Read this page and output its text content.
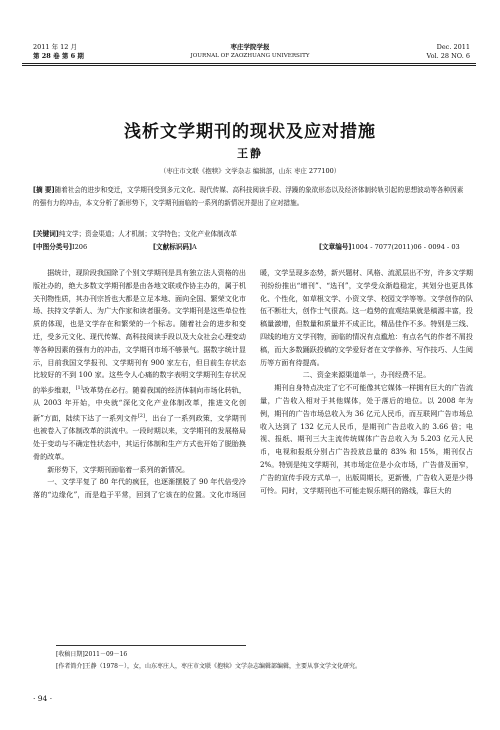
2011 年 12 月
第 28 卷 第 6 期
枣庄学院学报
JOURNAL OF ZAOZHUANG UNIVERSITY
Dec. 2011
Vol. 28 NO. 6
浅析文学期刊的现状及应对措施
王静
（枣庄市文联《抱犊》文学杂志 编辑部，山东 枣庄 277100）
[摘 要]随着社会的进步和变迁，文学期刊受到多元文化、现代传媒、高科技阅读手段、浮躁的象欲形态以及经济体制转轨引起的思想波动等各种因素的强有力的冲击，本文分析了新形势下，文学期刊面临的一系列的新情况并提出了应对措施。
[关键词]纯文学；资金渠道；人才机制；文学特色；文化产业体制改革
[中图分类号]I206	[文献标识码]A	[文章编号]1004 - 7077(2011)06 - 0094 - 03

据统计，现阶段我国除了个别文学期刊是具有独立法人资格的出版社办的，绝大多数文学期刊都是由各地文联或作协主办的，属于机关刊物性质，其办刊宗旨也大都是立足本地、面向全国、繁荣文化市场、扶持文学新人、为广大作家和读者服务。文学期刊是这些单位性质的体现，也是文学存在和繁荣的一个标志。随着社会的进步和变迁，受多元文化、现代传媒、高科技阅读手段以及大众社会心理变动等各种因素的强有力的冲击，文学期刊市场不够景气。据数字统计显示，目前我国文学报刊、文学期刊有 900 家左右，但目前生存状态比较好的不到 100 家。这些令人心痛的数字表明文学期刊生存状况的举步维艰，[1]改革势在必行。随着我国的经济体制向市场化转轨，从 2003 年开始，中央就“深化文化产业体制改革，推进文化创新”方面，陆续下达了一系列文件[2]，出台了一系列政策，文学期刊也被卷入了体制改革的洪流中。一段时期以来，文学期刊的发展格局处于变动与不确定性状态中，其运行体制和生产方式也开始了脱胎换骨的改革。

新形势下，文学期刊面临着一系列的新情况。

一、文学平复了 80 年代的疯狂，也逐渐摆脱了 90 年代倍受冷落的“边缘化”，而是趋于平常，回到了它该在的位置。文化市场回暖，文学呈现多态势，新兴题材、风格、流派层出不穷，许多文学期刊纷纷推出“增刊”、“选刊”，文学受众渐趋稳定，其划分也更具体化、个性化，如草根文学、小资文学、校园文学等等。文学创作的队伍不断壮大，创作士气很高。这一趋势的直观结果就是稿源丰富，投稿量激增，但数量和质量并不成正比，精品佳作不多。特别是三线、四线的地方文学刊物，面临的情况有点尴尬：有点名气的作者不屑投稿，而大多数踊跃投稿的文学爱好者在文学修养、写作技巧、人生阅历等方面有待提高。

二、资金来源渠道单一，办刊经费不足。

期刊自身特点决定了它不可能像其它媒体一样拥有巨大的广告流量，广告收入相对于其他媒体，处于落后的地位。以 2008 年为例，期刊的广告市场总收入为 36 亿元人民币，而互联网广告市场总收入达到了 132 亿元人民币，是期刊广告总收入的 3.66 倍；电视、报纸、期刊三大主流传统媒体广告总收入为 5.203 亿元人民币，电视和报纸分别占广告投放总量的 83% 和 15%，期刊仅占 2%。特别是纯文学期刊，其市场定位是小众市场，广告普及面窄，广告的宣传手段方式单一，出版周期长，更新慢，广告收入更是少得可怜。同时，文学期刊也不可能走娱乐期刊的路线，靠巨大的

[收稿日期]2011－09－16
[作者简介]王静（1978－），女，山东枣庄人，枣庄市文联《抱犊》文学杂志编辑部编辑，主要从事文学文化研究。
· 94 ·
